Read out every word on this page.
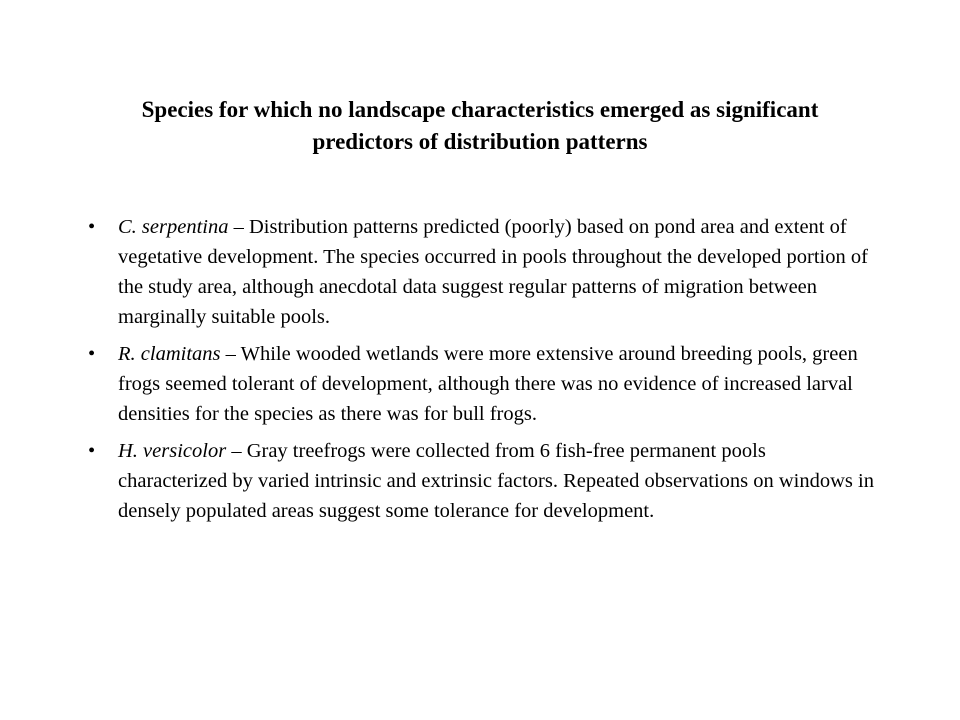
Species for which no landscape characteristics emerged as significant
predictors of distribution patterns
• C. serpentina – Distribution patterns predicted (poorly) based on pond area and extent of vegetative development. The species occurred in pools throughout the developed portion of the study area, although anecdotal data suggest regular patterns of migration between marginally suitable pools.
• R. clamitans – While wooded wetlands were more extensive around breeding pools, green frogs seemed tolerant of development, although there was no evidence of increased larval densities for the species as there was for bull frogs.
• H. versicolor – Gray treefrogs were collected from 6 fish-free permanent pools characterized by varied intrinsic and extrinsic factors. Repeated observations on windows in densely populated areas suggest some tolerance for development.
